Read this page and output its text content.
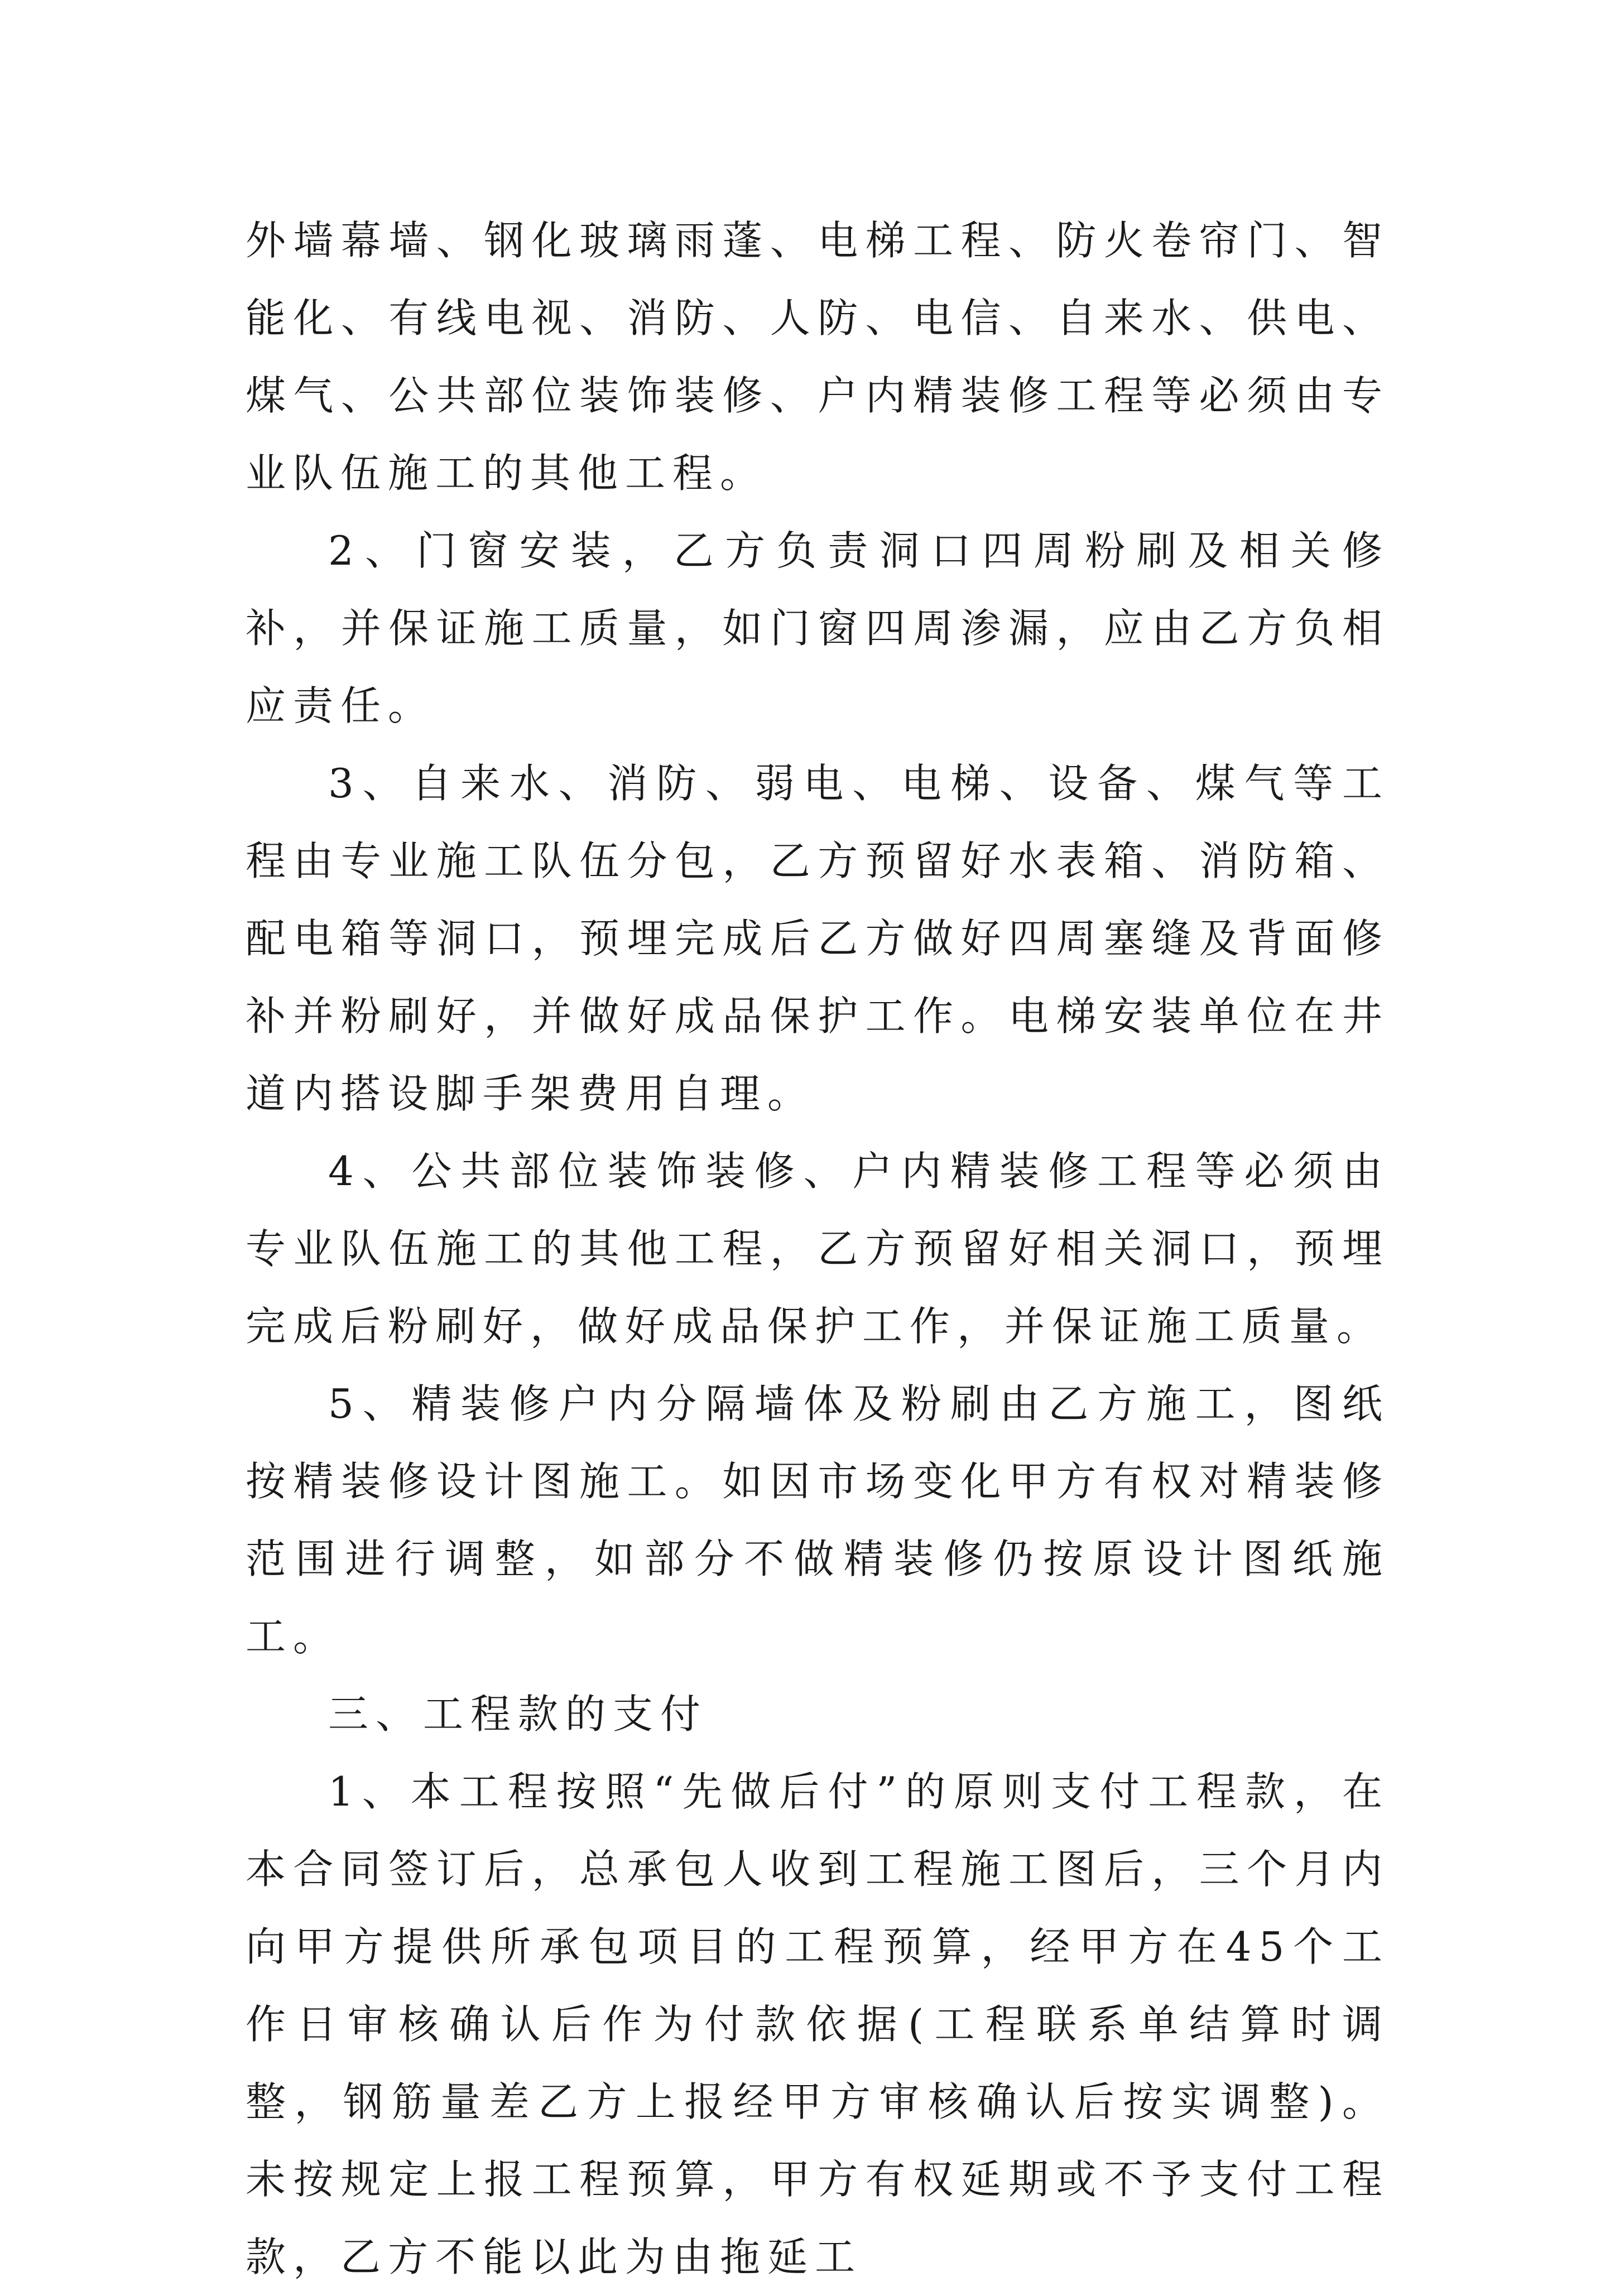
外墙幕墙、钢化玻璃雨蓬、电梯工程、防火卷帘门、智能化、有线电视、消防、人防、电信、自来水、供电、煤气、公共部位装饰装修、户内精装修工程等必须由专业队伍施工的其他工程。

2、门窗安装，乙方负责洞口四周粉刷及相关修补，并保证施工质量，如门窗四周渗漏，应由乙方负相应责任。

3、自来水、消防、弱电、电梯、设备、煤气等工程由专业施工队伍分包，乙方预留好水表箱、消防箱、配电箱等洞口，预埋完成后乙方做好四周塞缝及背面修补并粉刷好，并做好成品保护工作。电梯安装单位在井道内搭设脚手架费用自理。

4、公共部位装饰装修、户内精装修工程等必须由专业队伍施工的其他工程，乙方预留好相关洞口，预埋完成后粉刷好，做好成品保护工作，并保证施工质量。

5、精装修户内分隔墙体及粉刷由乙方施工，图纸按精装修设计图施工。如因市场变化甲方有权对精装修范围进行调整，如部分不做精装修仍按原设计图纸施工。

三、工程款的支付

1、本工程按照“先做后付”的原则支付工程款，在本合同签订后，总承包人收到工程施工图后，三个月内向甲方提供所承包项目的工程预算，经甲方在45个工作日审核确认后作为付款依据(工程联系单结算时调整，钢筋量差乙方上报经甲方审核确认后按实调整)。未按规定上报工程预算，甲方有权延期或不予支付工程款，乙方不能以此为由拖延工
